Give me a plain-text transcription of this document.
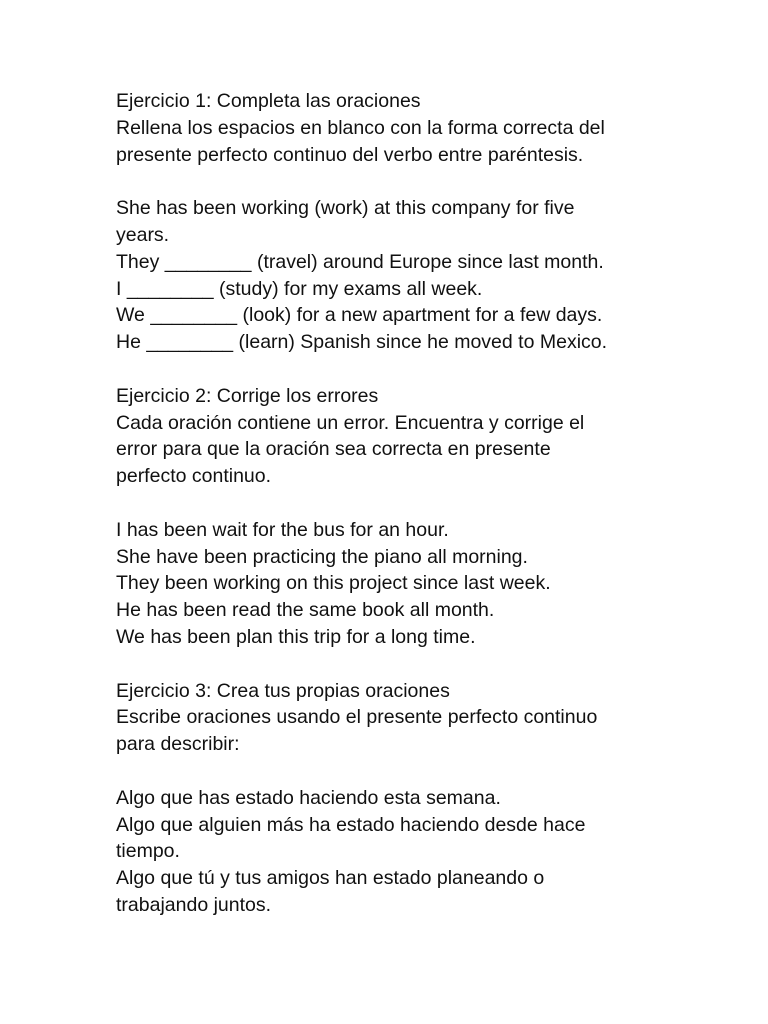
Ejercicio 1: Completa las oraciones
Rellena los espacios en blanco con la forma correcta del
presente perfecto continuo del verbo entre paréntesis.
She has been working (work) at this company for five
years.
They ________ (travel) around Europe since last month.
I ________ (study) for my exams all week.
We ________ (look) for a new apartment for a few days.
He ________ (learn) Spanish since he moved to Mexico.
Ejercicio 2: Corrige los errores
Cada oración contiene un error. Encuentra y corrige el
error para que la oración sea correcta en presente
perfecto continuo.
I has been wait for the bus for an hour.
She have been practicing the piano all morning.
They been working on this project since last week.
He has been read the same book all month.
We has been plan this trip for a long time.
Ejercicio 3: Crea tus propias oraciones
Escribe oraciones usando el presente perfecto continuo
para describir:
Algo que has estado haciendo esta semana.
Algo que alguien más ha estado haciendo desde hace
tiempo.
Algo que tú y tus amigos han estado planeando o
trabajando juntos.
